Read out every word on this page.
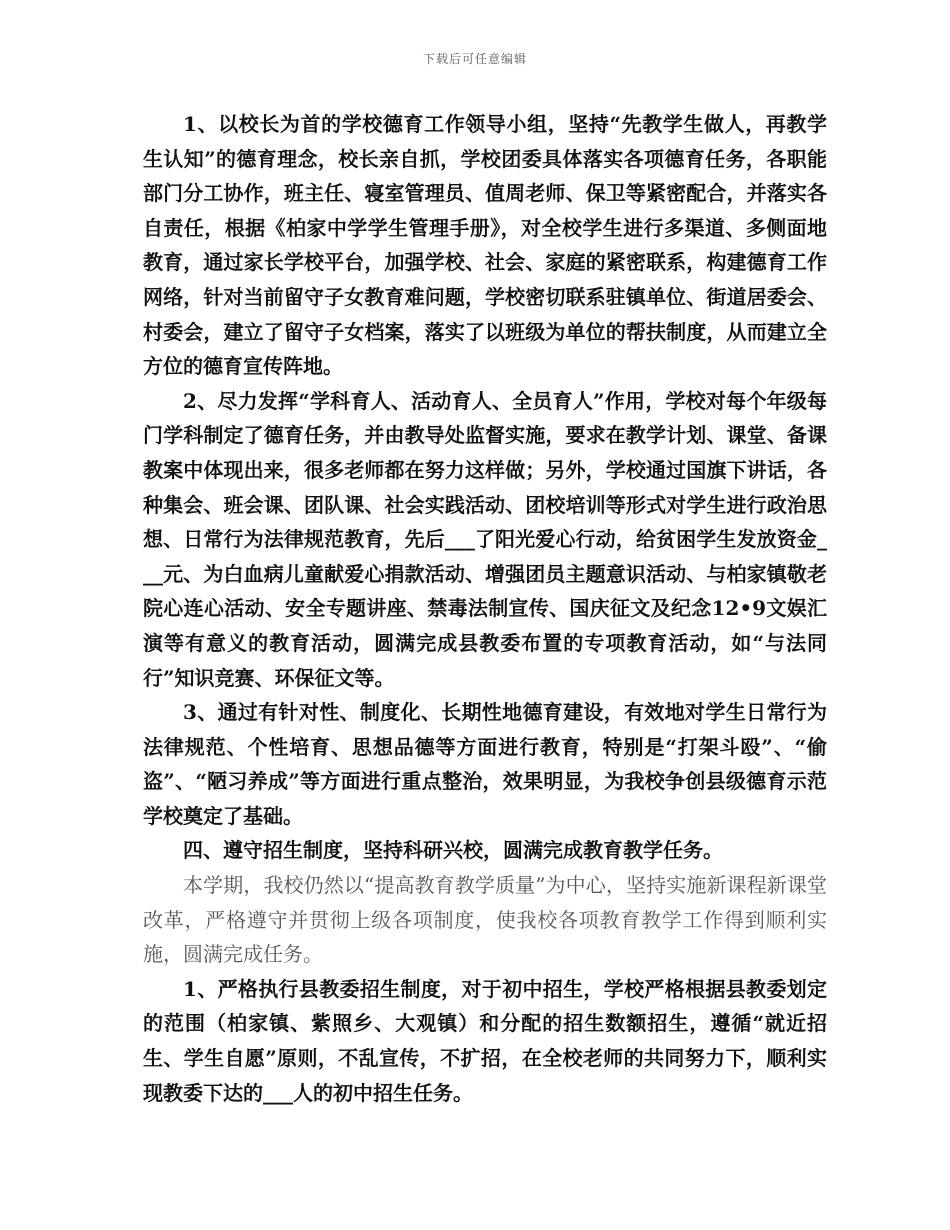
下载后可任意编辑

1、以校长为首的学校德育工作领导小组，坚持“先教学生做人，再教学生认知”的德育理念，校长亲自抓，学校团委具体落实各项德育任务，各职能部门分工协作，班主任、寝室管理员、值周老师、保卫等紧密配合，并落实各自责任，根据《柏家中学学生管理手册》，对全校学生进行多渠道、多侧面地教育，通过家长学校平台，加强学校、社会、家庭的紧密联系，构建德育工作网络，针对当前留守子女教育难问题，学校密切联系驻镇单位、街道居委会、村委会，建立了留守子女档案，落实了以班级为单位的帮扶制度，从而建立全方位的德育宣传阵地。

2、尽力发挥“学科育人、活动育人、全员育人”作用，学校对每个年级每门学科制定了德育任务，并由教导处监督实施，要求在教学计划、课堂、备课教案中体现出来，很多老师都在努力这样做；另外，学校通过国旗下讲话，各种集会、班会课、团队课、社会实践活动、团校培训等形式对学生进行政治思想、日常行为法律规范教育，先后___了阳光爱心行动，给贫困学生发放资金___元、为白血病儿童献爱心捐款活动、增强团员主题意识活动、与柏家镇敬老院心连心活动、安全专题讲座、禁毒法制宣传、国庆征文及纪念12•9文娱汇演等有意义的教育活动，圆满完成县教委布置的专项教育活动，如“与法同行”知识竞赛、环保征文等。

3、通过有针对性、制度化、长期性地德育建设，有效地对学生日常行为法律规范、个性培育、思想品德等方面进行教育，特别是“打架斗殴”、“偷盗”、“陋习养成”等方面进行重点整治，效果明显，为我校争创县级德育示范学校奠定了基础。

四、遵守招生制度，坚持科研兴校，圆满完成教育教学任务。

本学期，我校仍然以“提高教育教学质量”为中心，坚持实施新课程新课堂改革，严格遵守并贯彻上级各项制度，使我校各项教育教学工作得到顺利实施，圆满完成任务。

1、严格执行县教委招生制度，对于初中招生，学校严格根据县教委划定的范围（柏家镇、紫照乡、大观镇）和分配的招生数额招生，遵循“就近招生、学生自愿”原则，不乱宣传，不扩招，在全校老师的共同努力下，顺利实现教委下达的___人的初中招生任务。
